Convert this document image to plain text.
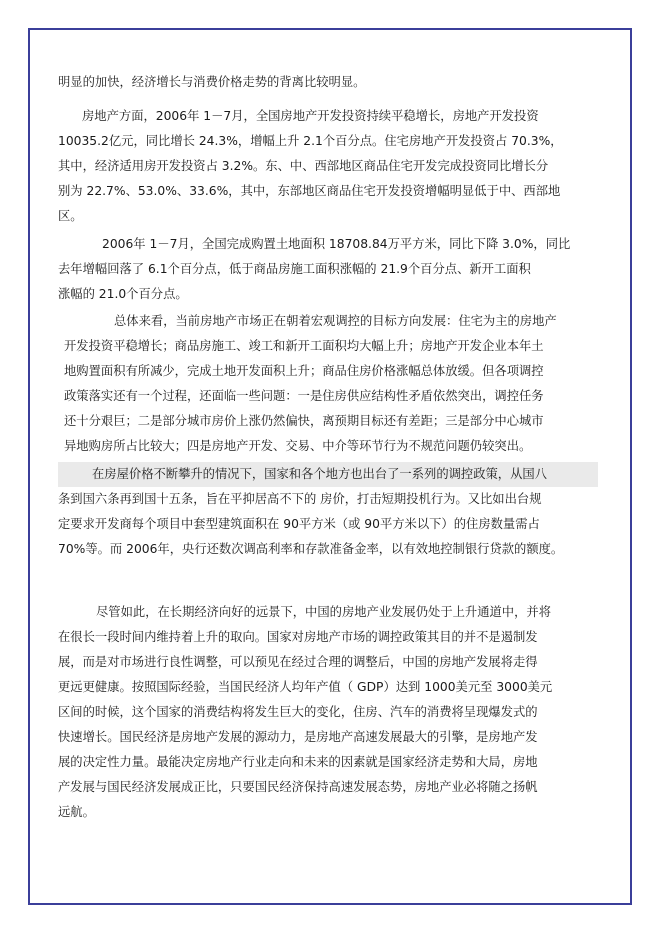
明显的加快，经济增长与消费价格走势的背离比较明显。
房地产方面，2006年 1－7月，全国房地产开发投资持续平稳增长，房地产开发投资
10035.2亿元，同比增长 24.3%，增幅上升 2.1个百分点。住宅房地产开发投资占 70.3%，
其中，经济适用房开发投资占 3.2%。东、中、西部地区商品住宅开发完成投资同比增长分
别为 22.7%、53.0%、33.6%，其中，东部地区商品住宅开发投资增幅明显低于中、西部地
区。
2006年 1－7月，全国完成购置土地面积 18708.84万平方米，同比下降 3.0%，同比
去年增幅回落了 6.1个百分点，低于商品房施工面积涨幅的 21.9个百分点、新开工面积
涨幅的 21.0个百分点。
总体来看，当前房地产市场正在朝着宏观调控的目标方向发展：住宅为主的房地产
开发投资平稳增长；商品房施工、竣工和新开工面积均大幅上升；房地产开发企业本年土
地购置面积有所减少，完成土地开发面积上升；商品住房价格涨幅总体放缓。但各项调控
政策落实还有一个过程，还面临一些问题：一是住房供应结构性矛盾依然突出，调控任务
还十分艰巨；二是部分城市房价上涨仍然偏快，离预期目标还有差距；三是部分中心城市
异地购房所占比较大；四是房地产开发、交易、中介等环节行为不规范问题仍较突出。
在房屋价格不断攀升的情况下，国家和各个地方也出台了一系列的调控政策，从国八
条到国六条再到国十五条，旨在平抑居高不下的 房价，打击短期投机行为。又比如出台规
定要求开发商每个项目中套型建筑面积在 90平方米（或 90平方米以下）的住房数量需占
70%等。而 2006年，央行还数次调高利率和存款准备金率，以有效地控制银行贷款的额度。
尽管如此，在长期经济向好的远景下，中国的房地产业发展仍处于上升通道中，并将
在很长一段时间内维持着上升的取向。国家对房地产市场的调控政策其目的并不是遏制发
展，而是对市场进行良性调整，可以预见在经过合理的调整后，中国的房地产发展将走得
更远更健康。按照国际经验，当国民经济人均年产值（ GDP）达到 1000美元至 3000美元
区间的时候，这个国家的消费结构将发生巨大的变化，住房、汽车的消费将呈现爆发式的
快速增长。国民经济是房地产发展的源动力，是房地产高速发展最大的引擎，是房地产发
展的决定性力量。最能决定房地产行业走向和未来的因素就是国家经济走势和大局，房地
产发展与国民经济发展成正比，只要国民经济保持高速发展态势，房地产业必将随之扬帆
远航。
